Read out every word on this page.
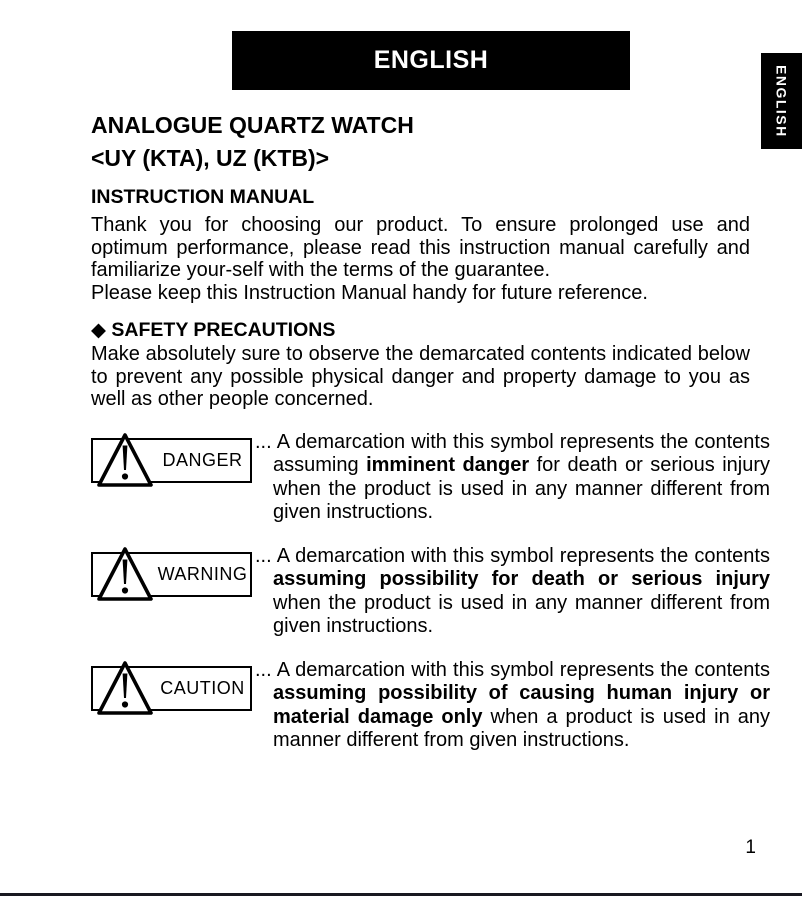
ENGLISH
ENGLISH
ANALOGUE QUARTZ WATCH
<UY (KTA), UZ (KTB)>
INSTRUCTION MANUAL

Thank you for choosing our product. To ensure prolonged use and optimum performance, please read this instruction manual carefully and familiarize your-self with the terms of the guarantee.

Please keep this Instruction Manual handy for future reference.

◆ SAFETY PRECAUTIONS

Make absolutely sure to observe the demarcated contents indicated below to prevent any possible physical danger and property damage to you as well as other people concerned.

DANGER

... A demarcation with this symbol represents the contents assuming imminent danger for death or serious injury when the product is used in any manner different from given instructions.

WARNING

... A demarcation with this symbol represents the contents assuming possibility for death or serious injury when the product is used in any manner different from given instructions.

CAUTION

... A demarcation with this symbol represents the contents assuming possibility of causing human injury or material damage only when a product is used in any manner different from given instructions.

1
